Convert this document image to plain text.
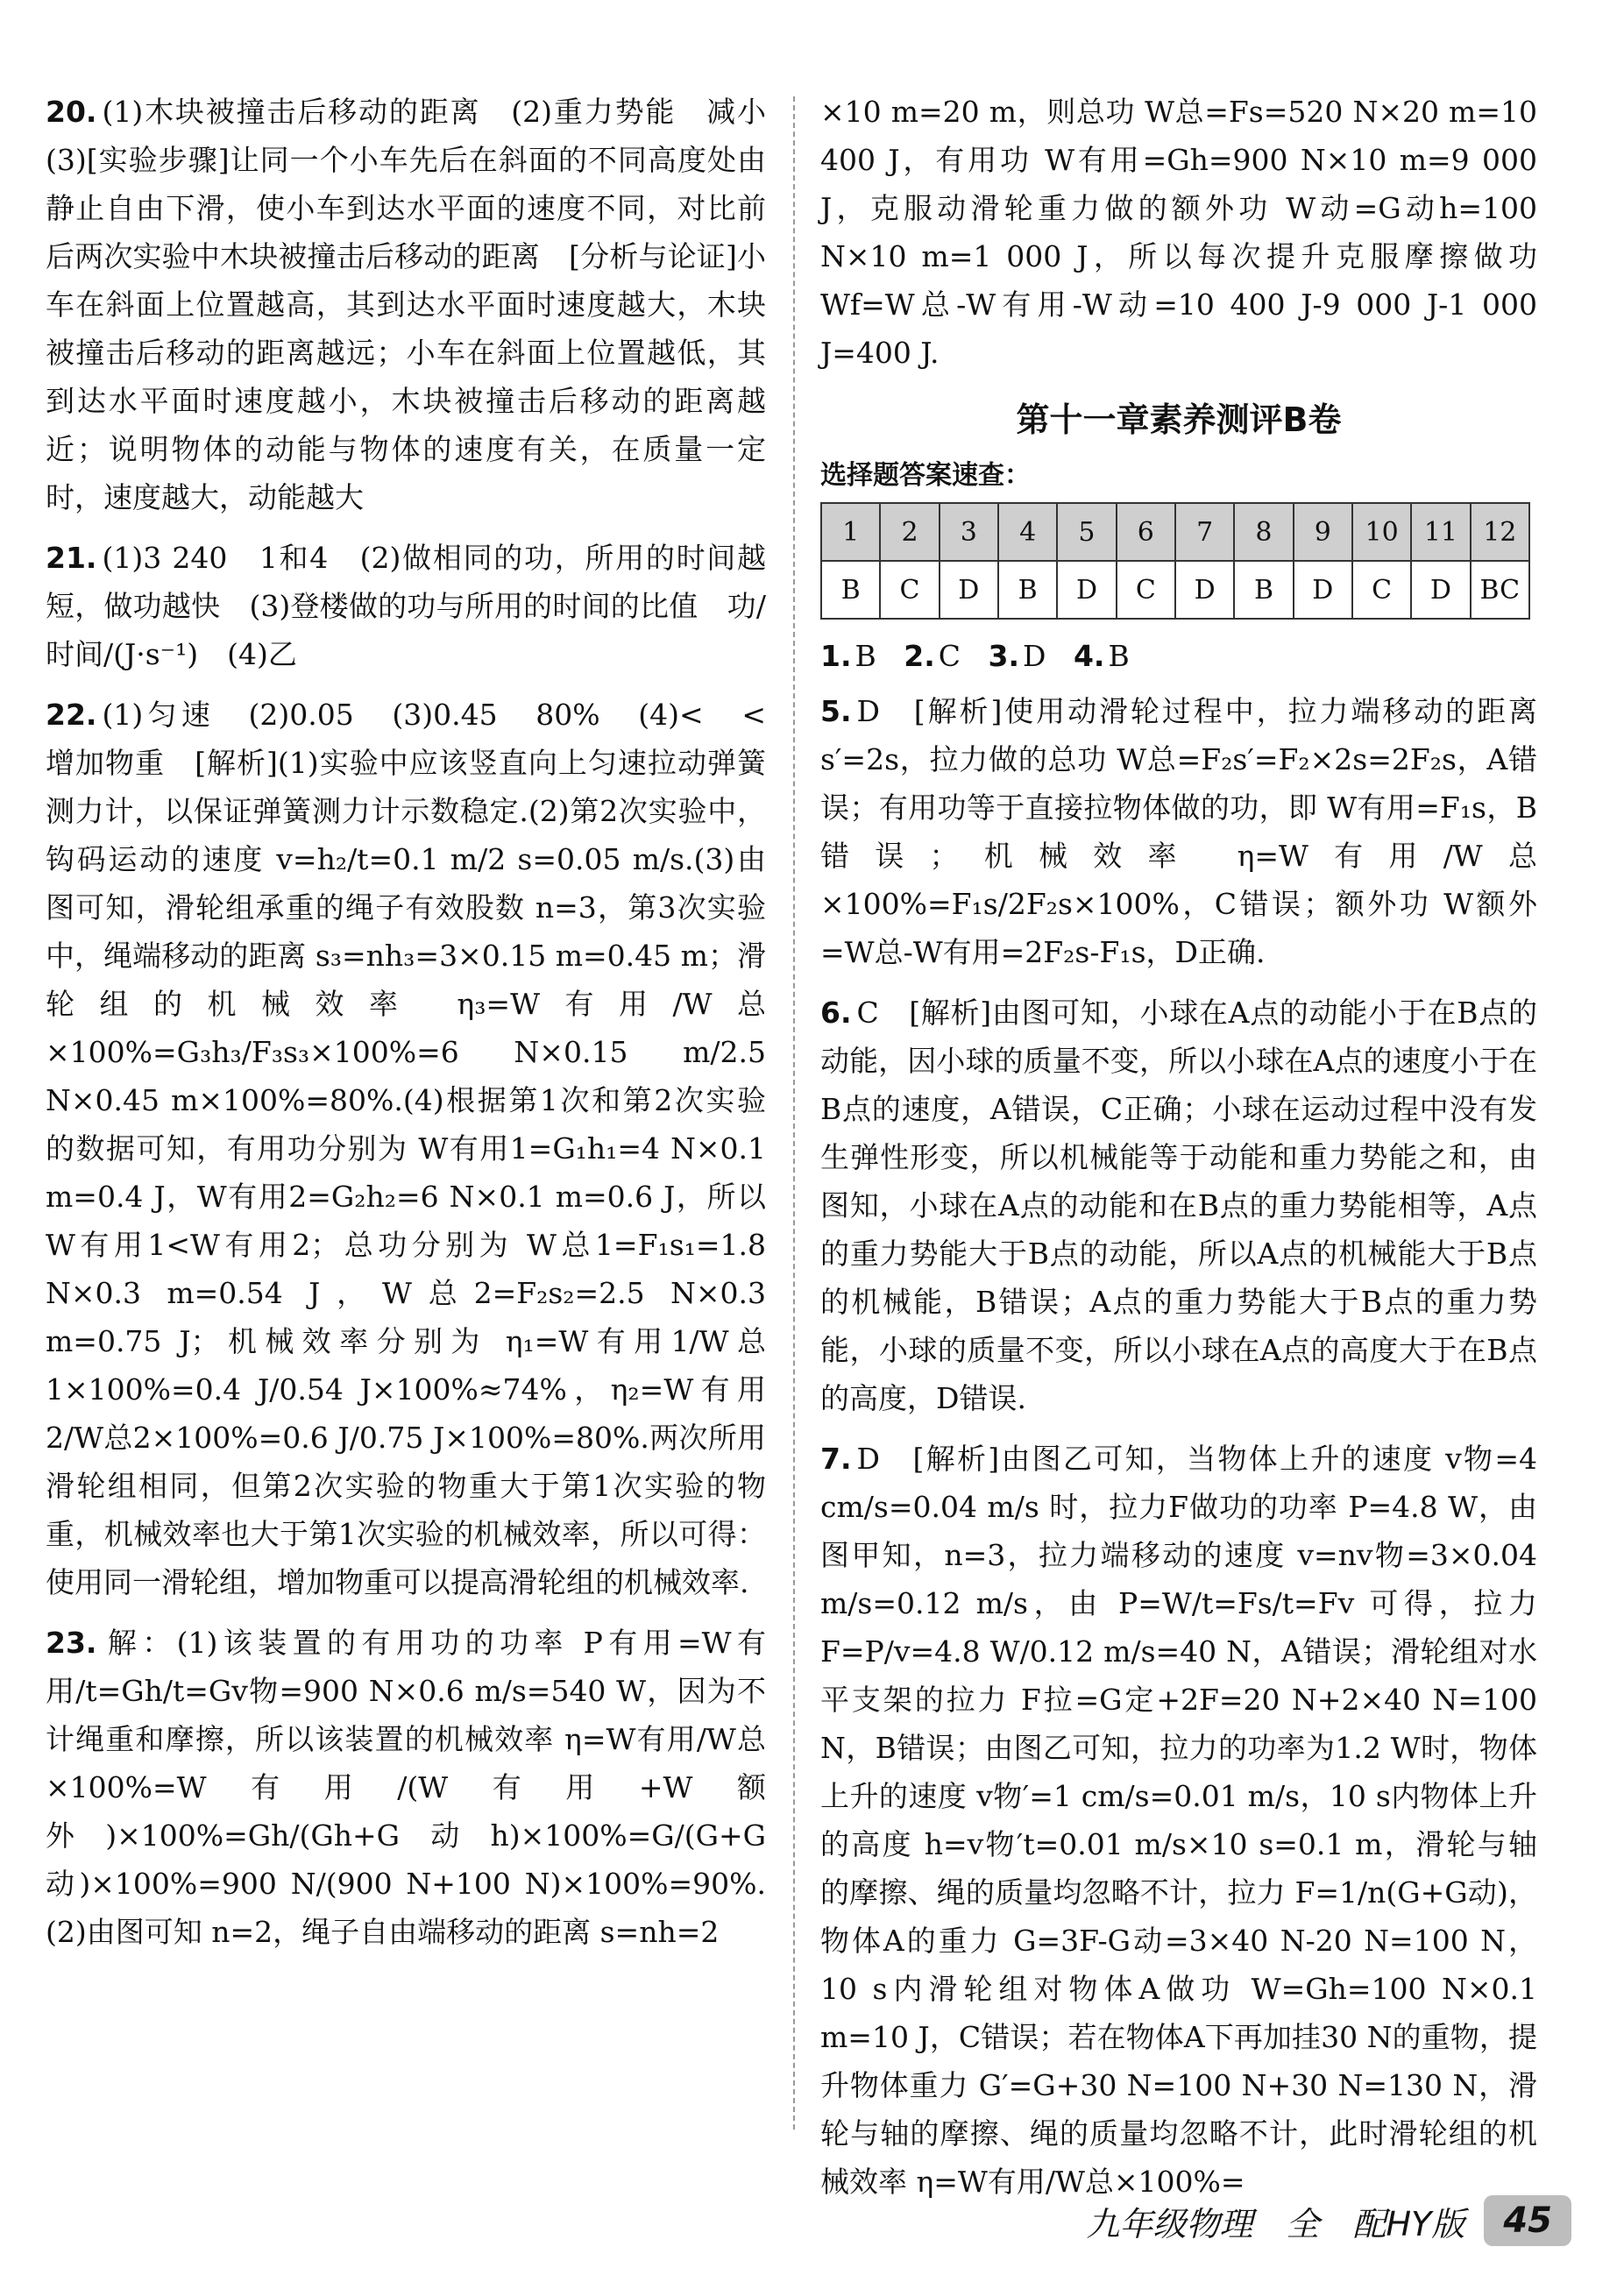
20. (1)木块被撞击后移动的距离　(2)重力势能　减小　(3)[实验步骤]让同一个小车先后在斜面的不同高度处由静止自由下滑，使小车到达水平面的速度不同，对比前后两次实验中木块被撞击后移动的距离　[分析与论证]小车在斜面上位置越高，其到达水平面时速度越大，木块被撞击后移动的距离越远；小车在斜面上位置越低，其到达水平面时速度越小，木块被撞击后移动的距离越近；说明物体的动能与物体的速度有关，在质量一定时，速度越大，动能越大

21. (1)3 240　1和4　(2)做相同的功，所用的时间越短，做功越快　(3)登楼做的功与所用的时间的比值　功/时间/(J·s⁻¹)　(4)乙

22. (1)匀速　(2)0.05　(3)0.45　80%　(4)<　<　增加物重　[解析](1)实验中应该竖直向上匀速拉动弹簧测力计，以保证弹簧测力计示数稳定.(2)第2次实验中，钩码运动的速度 v=h₂/t=0.1 m/2 s=0.05 m/s.(3)由图可知，滑轮组承重的绳子有效股数 n=3，第3次实验中，绳端移动的距离 s₃=nh₃=3×0.15 m=0.45 m；滑轮组的机械效率 η₃=W有用/W总×100%=G₃h₃/F₃s₃×100%=6 N×0.15 m/2.5 N×0.45 m×100%=80%.(4)根据第1次和第2次实验的数据可知，有用功分别为 W有用1=G₁h₁=4 N×0.1 m=0.4 J，W有用2=G₂h₂=6 N×0.1 m=0.6 J，所以 W有用1<W有用2；总功分别为 W总1=F₁s₁=1.8 N×0.3 m=0.54 J，W总2=F₂s₂=2.5 N×0.3 m=0.75 J；机械效率分别为 η₁=W有用1/W总1×100%=0.4 J/0.54 J×100%≈74%，η₂=W有用2/W总2×100%=0.6 J/0.75 J×100%=80%.两次所用滑轮组相同，但第2次实验的物重大于第1次实验的物重，机械效率也大于第1次实验的机械效率，所以可得：使用同一滑轮组，增加物重可以提高滑轮组的机械效率.

23. 解：(1)该装置的有用功的功率 P有用=W有用/t=Gh/t=Gv物=900 N×0.6 m/s=540 W，因为不计绳重和摩擦，所以该装置的机械效率 η=W有用/W总×100%=W有用/(W有用+W额外)×100%=Gh/(Gh+G动h)×100%=G/(G+G动)×100%=900 N/(900 N+100 N)×100%=90%.(2)由图可知 n=2，绳子自由端移动的距离 s=nh=2

×10 m=20 m，则总功 W总=Fs=520 N×20 m=10 400 J，有用功 W有用=Gh=900 N×10 m=9 000 J，克服动滑轮重力做的额外功 W动=G动h=100 N×10 m=1 000 J，所以每次提升克服摩擦做功 Wf=W总-W有用-W动=10 400 J-9 000 J-1 000 J=400 J.

第十一章素养测评B卷
选择题答案速查：
1	2	3	4	5	6	7	8	9	10	11	12
B	C	D	B	D	C	D	B	D	C	D	BC
1. B 2. C 3. D 4. B

5. D　[解析]使用动滑轮过程中，拉力端移动的距离 s′=2s，拉力做的总功 W总=F₂s′=F₂×2s=2F₂s，A错误；有用功等于直接拉物体做的功，即 W有用=F₁s，B错误；机械效率 η=W有用/W总×100%=F₁s/2F₂s×100%，C错误；额外功 W额外=W总-W有用=2F₂s-F₁s，D正确.

6. C　[解析]由图可知，小球在A点的动能小于在B点的动能，因小球的质量不变，所以小球在A点的速度小于在B点的速度，A错误，C正确；小球在运动过程中没有发生弹性形变，所以机械能等于动能和重力势能之和，由图知，小球在A点的动能和在B点的重力势能相等，A点的重力势能大于B点的动能，所以A点的机械能大于B点的机械能，B错误；A点的重力势能大于B点的重力势能，小球的质量不变，所以小球在A点的高度大于在B点的高度，D错误.

7. D　[解析]由图乙可知，当物体上升的速度 v物=4 cm/s=0.04 m/s 时，拉力F做功的功率 P=4.8 W，由图甲知，n=3，拉力端移动的速度 v=nv物=3×0.04 m/s=0.12 m/s，由 P=W/t=Fs/t=Fv 可得，拉力 F=P/v=4.8 W/0.12 m/s=40 N，A错误；滑轮组对水平支架的拉力 F拉=G定+2F=20 N+2×40 N=100 N，B错误；由图乙可知，拉力的功率为1.2 W时，物体上升的速度 v物′=1 cm/s=0.01 m/s，10 s内物体上升的高度 h=v物′t=0.01 m/s×10 s=0.1 m，滑轮与轴的摩擦、绳的质量均忽略不计，拉力 F=1/n(G+G动)，物体A的重力 G=3F-G动=3×40 N-20 N=100 N，10 s内滑轮组对物体A做功 W=Gh=100 N×0.1 m=10 J，C错误；若在物体A下再加挂30 N的重物，提升物体重力 G′=G+30 N=100 N+30 N=130 N，滑轮与轴的摩擦、绳的质量均忽略不计，此时滑轮组的机械效率 η=W有用/W总×100%=

九年级物理　全　配HY版	45
